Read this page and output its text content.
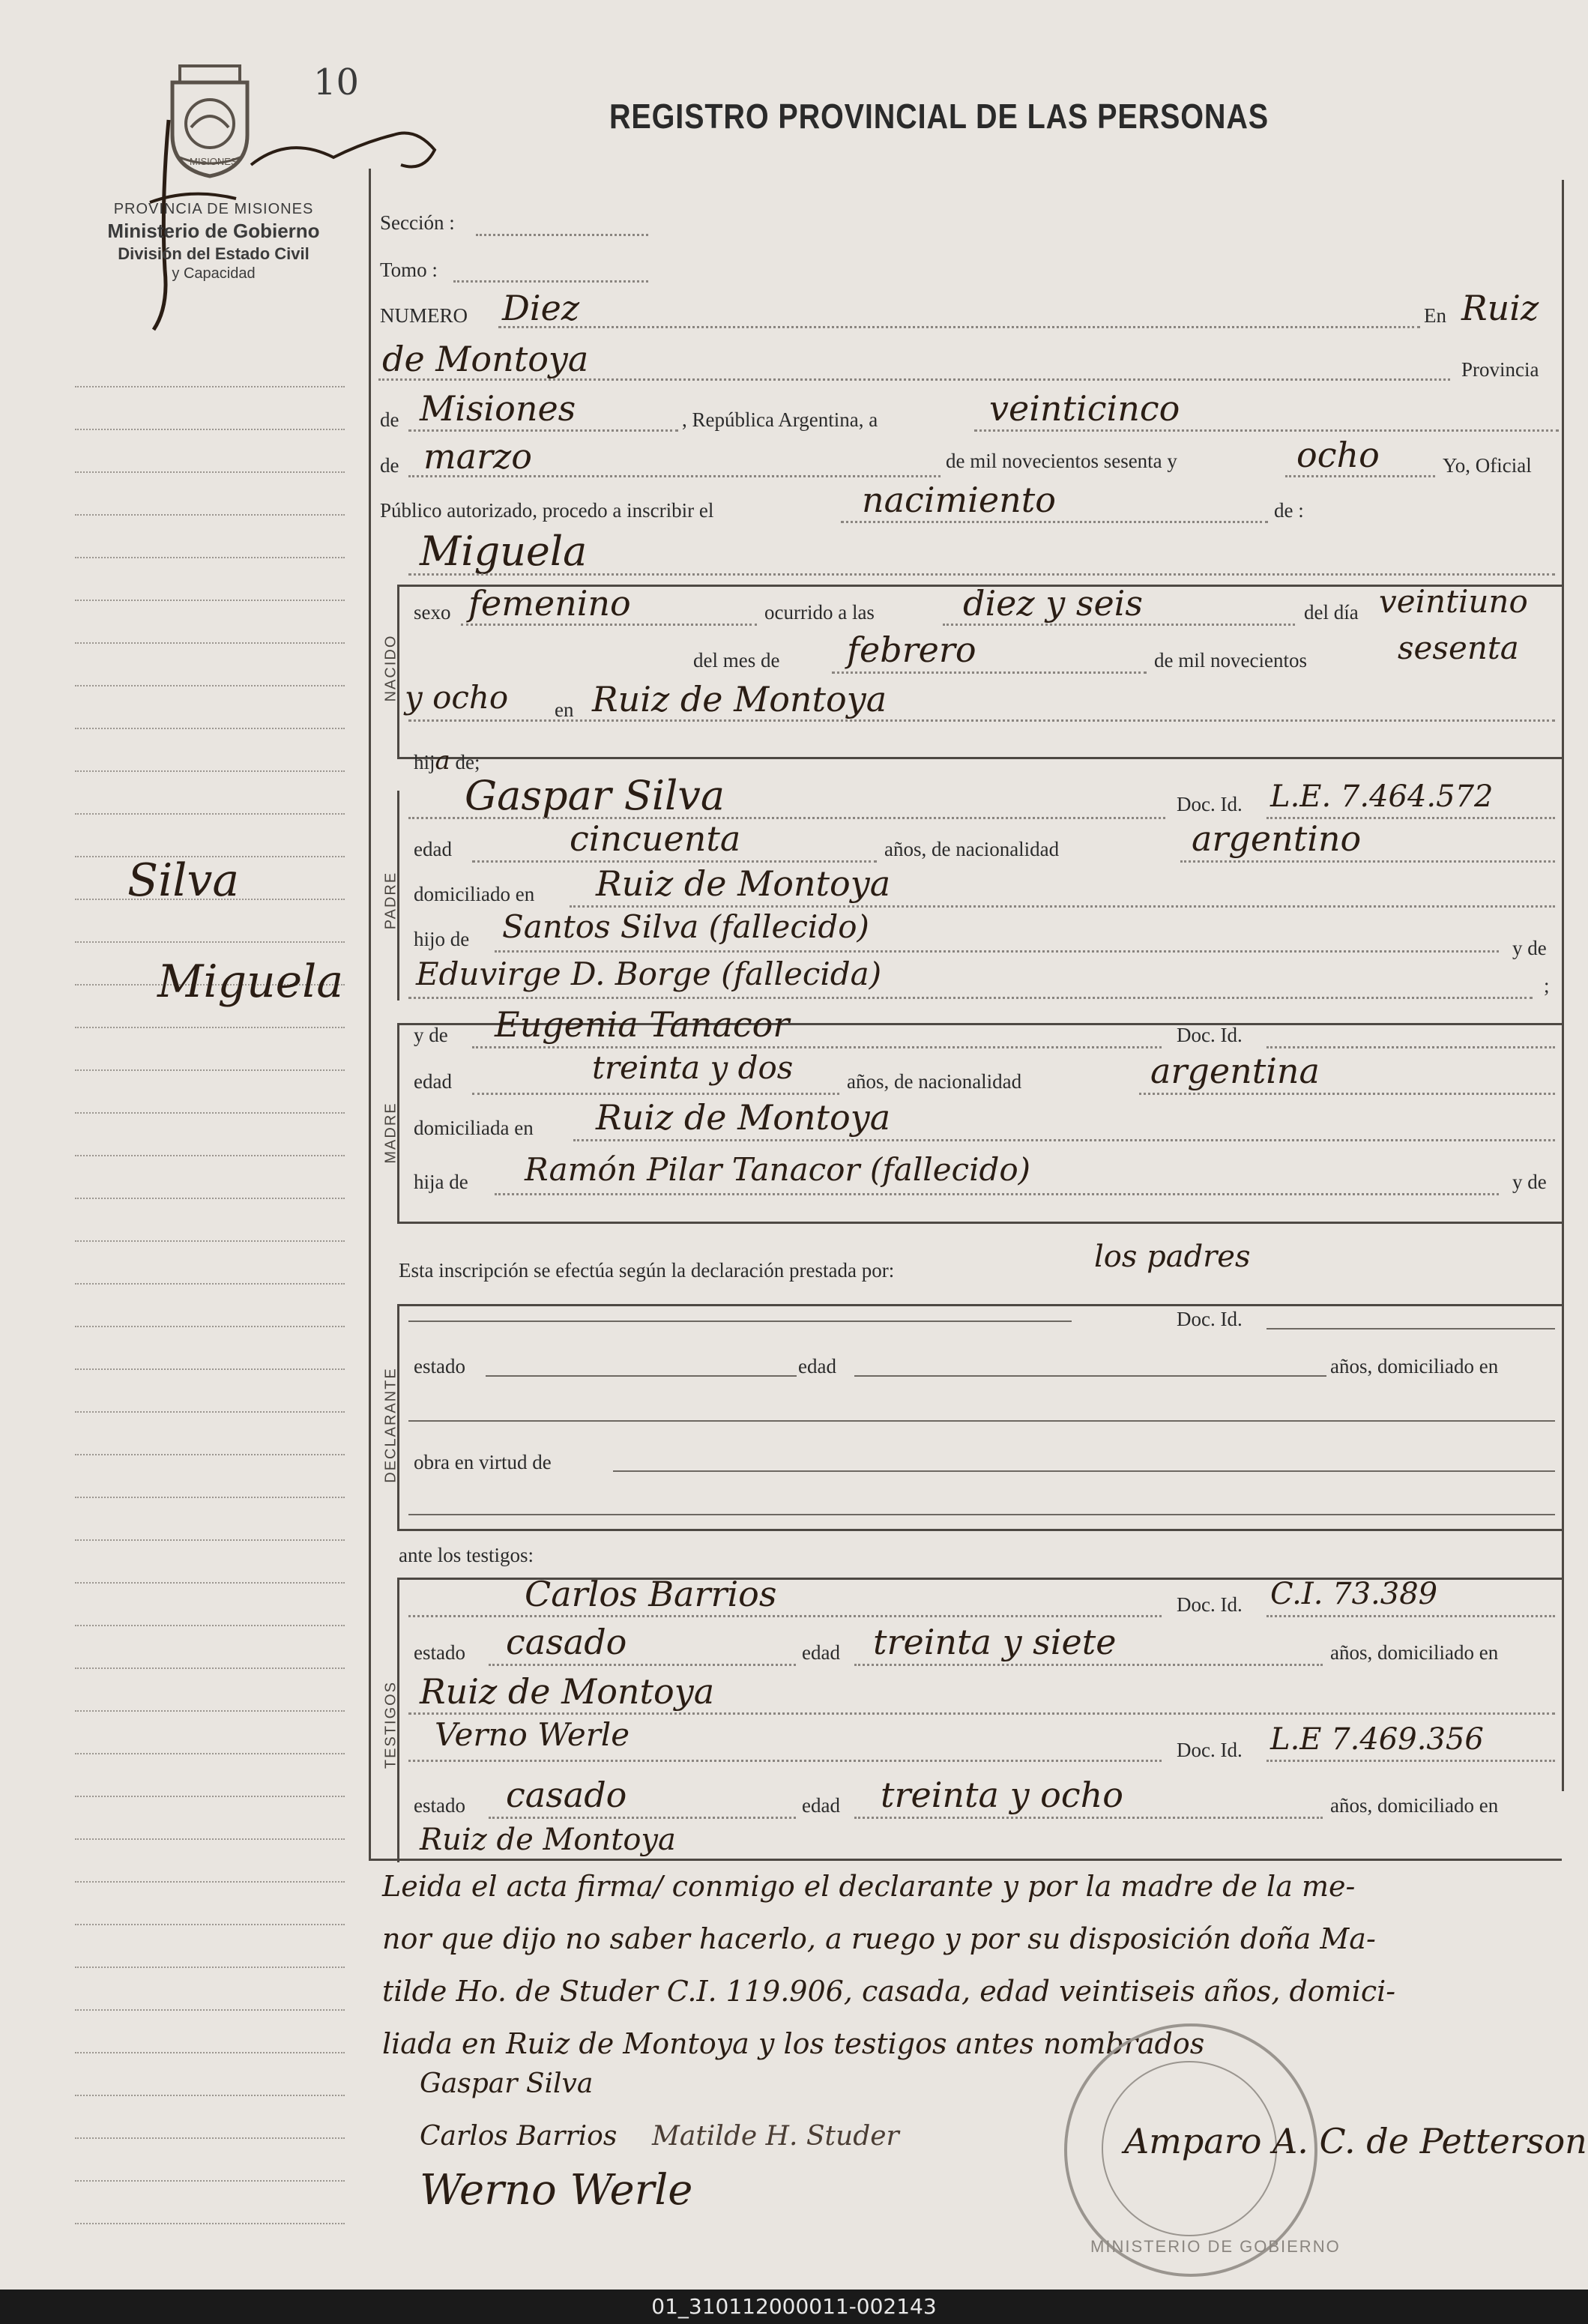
MISIONES
10
PROVINCIA DE MISIONES
Ministerio de Gobierno
División del Estado Civil
y Capacidad
REGISTRO PROVINCIAL DE LAS PERSONAS
NACIDO
PADRE
MADRE
DECLARANTE
TESTIGOS
Silva
Miguela
Sección :
Tomo :
NUMERO Diez	En Ruiz
de Montoya	Provincia
de Misiones	, República Argentina, a	veinticinco
de marzo	de mil novecientos sesenta y	ocho	Yo, Oficial
Público autorizado, procedo a inscribir el	nacimiento	de :
Miguela
sexo femenino	ocurrido a las	diez y seis	del día veintiuno
del mes de febrero	de mil novecientos	sesenta
y ocho en Ruiz de Montoya
hija de;
Gaspar Silva	Doc. Id. L.E. 7.464.572
edad	cincuenta	años, de nacionalidad	argentino
domiciliado en Ruiz de Montoya
hijo de Santos Silva (fallecido)
y de
Eduvirge D. Borge (fallecida)	;
y de Eugenia Tanacor	Doc. Id.
edad	treinta y dos	años, de nacionalidad	argentina
domiciliada en Ruiz de Montoya
hija de Ramón Pilar Tanacor (fallecido)	y de
Esta inscripción se efectúa según la declaración prestada por:	los padres
Doc. Id.
estado	edad	años, domiciliado en
obra en virtud de
ante los testigos:
Carlos Barrios	Doc. Id. C.I. 73.389
estado casado	edad treinta y siete	años, domiciliado en
Ruiz de Montoya
Verno Werle	Doc. Id. L.E 7.469.356
estado casado	edad treinta y ocho	años, domiciliado en
Ruiz de Montoya
Leida el acta firma/ conmigo el declarante y por la madre de la me-
nor que dijo no saber hacerlo, a ruego y por su disposición doña Ma-
tilde Ho. de Studer C.I. 119.906, casada, edad veintiseis años, domici-
liada en Ruiz de Montoya y los testigos antes nombrados
MINISTERIO DE GOBIERNO
Gaspar Silva
Matilde H. Studer
Carlos Barrios
Werno Werle
Amparo A. C. de Petterson
01_310112000011-002143
